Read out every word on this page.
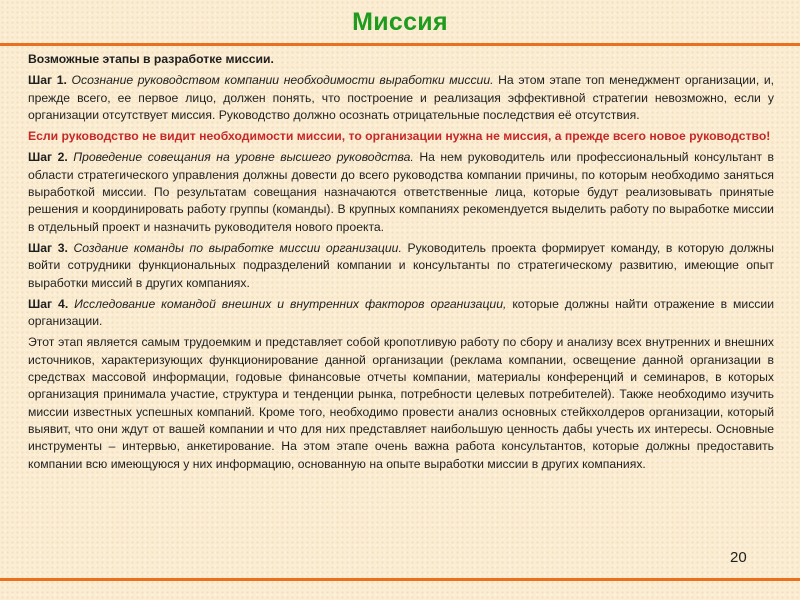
Миссия

Возможные этапы в разработке миссии.

Шаг 1. Осознание руководством компании необходимости выработки миссии. На этом этапе топ менеджмент организации, и, прежде всего, ее первое лицо, должен понять, что построение и реализация эффективной стратегии невозможно, если у организации отсутствует миссия. Руководство должно осознать отрицательные последствия её отсутствия.

Если руководство не видит необходимости миссии, то организации нужна не миссия, а прежде всего новое руководство!

Шаг 2. Проведение совещания на уровне высшего руководства. На нем руководитель или профессиональный консультант в области стратегического управления должны довести до всего руководства компании причины, по которым необходимо заняться выработкой миссии. По результатам совещания назначаются ответственные лица, которые будут реализовывать принятые решения и координировать работу группы (команды). В крупных компаниях рекомендуется выделить работу по выработке миссии в отдельный проект и назначить руководителя нового проекта.

Шаг 3. Создание команды по выработке миссии организации. Руководитель проекта формирует команду, в которую должны войти сотрудники функциональных подразделений компании и консультанты по стратегическому развитию, имеющие опыт выработки миссий в других компаниях.

Шаг 4. Исследование командой внешних и внутренних факторов организации, которые должны найти отражение в миссии организации.

Этот этап является самым трудоемким и представляет собой кропотливую работу по сбору и анализу всех внутренних и внешних источников, характеризующих функционирование данной организации (реклама компании, освещение данной организации в средствах массовой информации, годовые финансовые отчеты компании, материалы конференций и семинаров, в которых организация принимала участие, структура и тенденции рынка, потребности целевых потребителей). Также необходимо изучить миссии известных успешных компаний. Кроме того, необходимо провести анализ основных стейкхолдеров организации, который выявит, что они ждут от вашей компании и что для них представляет наибольшую ценность дабы учесть их интересы. Основные инструменты – интервью, анкетирование. На этом этапе очень важна работа консультантов, которые должны предоставить компании всю имеющуюся у них информацию, основанную на опыте выработки миссии в других компаниях.

20
